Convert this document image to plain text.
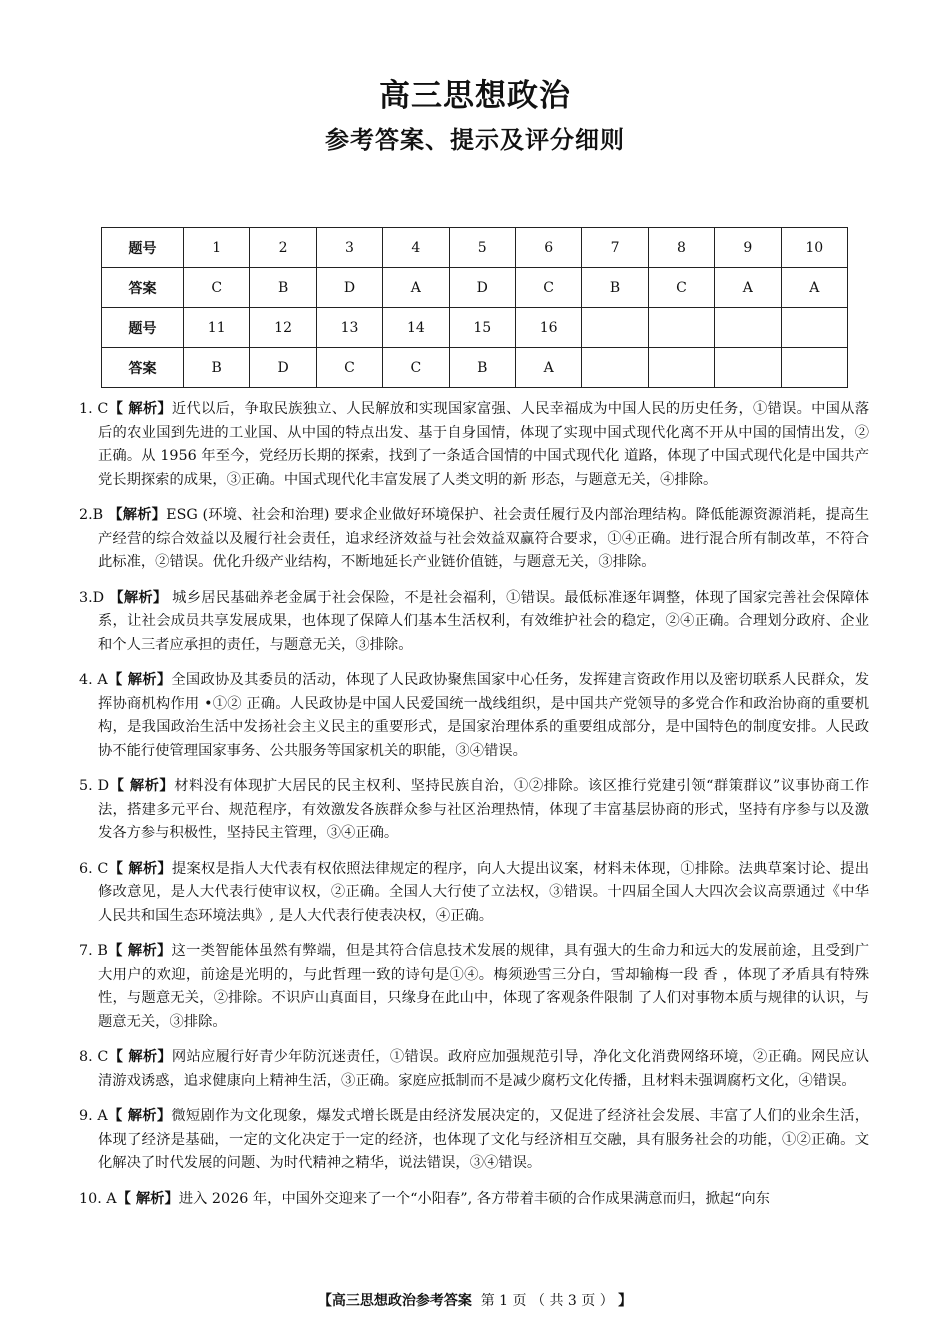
高三思想政治
参考答案、提示及评分细则
题号	1	2	3	4	5	6	7	8	9	10
答案	C	B	D	A	D	C	B	C	A	A
题号	11	12	13	14	15	16				
答案	B	D	C	C	B	A				
1. C【 解析】近代以后，争取民族独立、人民解放和实现国家富强、人民幸福成为中国人民的历史任务，①错误。中国从落后的农业国到先进的工业国、从中国的特点出发、基于自身国情，体现了实现中国式现代化离不开从中国的国情出发，②正确。从 1956 年至今，党经历长期的探索，找到了一条适合国情的中国式现代化 道路，体现了中国式现代化是中国共产党长期探索的成果，③正确。中国式现代化丰富发展了人类文明的新 形态，与题意无关，④排除。
2.B 【解析】ESG (环境、社会和治理) 要求企业做好环境保护、社会责任履行及内部治理结构。降低能源资源消耗，提高生产经营的综合效益以及履行社会责任，追求经济效益与社会效益双赢符合要求，①④正确。进行混合所有制改革，不符合此标准，②错误。优化升级产业结构，不断地延长产业链价值链，与题意无关，③排除。
3.D 【解析】 城乡居民基础养老金属于社会保险，不是社会福利，①错误。最低标准逐年调整，体现了国家完善社会保障体系，让社会成员共享发展成果，也体现了保障人们基本生活权利，有效维护社会的稳定，②④正确。合理划分政府、企业和个人三者应承担的责任，与题意无关，③排除。
4. A【 解析】全国政协及其委员的活动，体现了人民政协聚焦国家中心任务，发挥建言资政作用以及密切联系人民群众，发挥协商机构作用 •①② 正确。人民政协是中国人民爱国统一战线组织，是中国共产党领导的多党合作和政治协商的重要机构，是我国政治生活中发扬社会主义民主的重要形式，是国家治理体系的重要组成部分，是中国特色的制度安排。人民政协不能行使管理国家事务、公共服务等国家机关的职能，③④错误。
5. D【 解析】材料没有体现扩大居民的民主权利、坚持民族自治，①②排除。该区推行党建引领“群策群议”议事协商工作法，搭建多元平台、规范程序，有效激发各族群众参与社区治理热情，体现了丰富基层协商的形式，坚持有序参与以及激发各方参与积极性，坚持民主管理，③④正确。
6. C【 解析】提案权是指人大代表有权依照法律规定的程序，向人大提出议案，材料未体现，①排除。法典草案讨论、提出修改意见，是人大代表行使审议权，②正确。全国人大行使了立法权，③错误。十四届全国人大四次会议高票通过《中华人民共和国生态环境法典》, 是人大代表行使表决权，④正确。
7. B【 解析】这一类智能体虽然有弊端，但是其符合信息技术发展的规律，具有强大的生命力和远大的发展前途，且受到广大用户的欢迎，前途是光明的，与此哲理一致的诗句是①④。梅须逊雪三分白，雪却输梅一段 香 ，体现了矛盾具有特殊性，与题意无关，②排除。不识庐山真面目，只缘身在此山中，体现了客观条件限制 了人们对事物本质与规律的认识，与题意无关，③排除。
8. C【 解析】网站应履行好青少年防沉迷责任，①错误。政府应加强规范引导，净化文化消费网络环境，②正确。网民应认清游戏诱惑，追求健康向上精神生活，③正确。家庭应抵制而不是减少腐朽文化传播，且材料未强调腐朽文化，④错误。
9. A【 解析】微短剧作为文化现象，爆发式增长既是由经济发展决定的，又促进了经济社会发展、丰富了人们的业余生活，体现了经济是基础，一定的文化决定于一定的经济，也体现了文化与经济相互交融，具有服务社会的功能，①②正确。文化解决了时代发展的问题、为时代精神之精华，说法错误，③④错误。
10. A【 解析】进入 2026 年，中国外交迎来了一个“小阳春”, 各方带着丰硕的合作成果满意而归，掀起“向东
【高三思想政治参考答案 第 1 页 （ 共 3 页 ） 】
